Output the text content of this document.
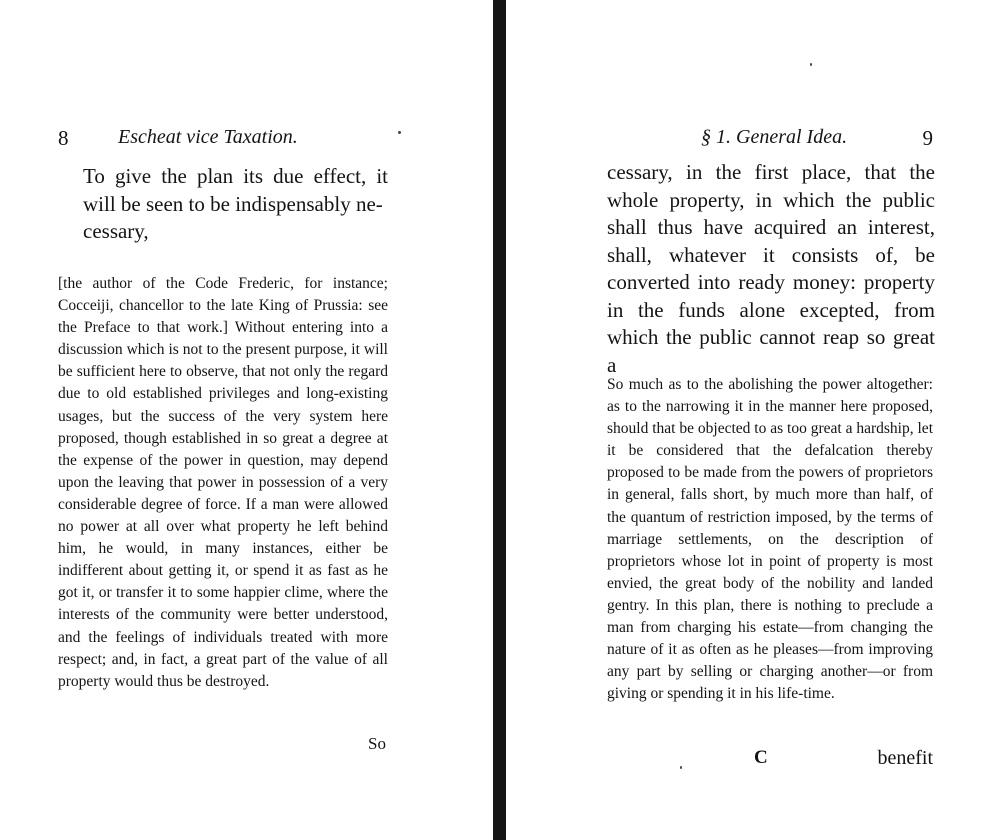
8 Escheat vice Taxation.
To give the plan its due effect, it will be seen to be indispensably ne-
cessary,
[the author of the Code Frederic, for instance; Cocceiji, chancellor to the late King of Prussia: see the Preface to that work.] Without entering into a discussion which is not to the present purpose, it will be sufficient here to observe, that not only the regard due to old established privileges and long-existing usages, but the success of the very system here proposed, though established in so great a degree at the expense of the power in question, may depend upon the leaving that power in possession of a very considerable degree of force. If a man were allowed no power at all over what property he left behind him, he would, in many instances, either be indifferent about getting it, or spend it as fast as he got it, or transfer it to some happier clime, where the interests of the community were better understood, and the feelings of individuals treated with more respect; and, in fact, a great part of the value of all property would thus be destroyed.
So
§ 1. General Idea.	9
cessary, in the first place, that the whole property, in which the public shall thus have acquired an interest, shall, whatever it consists of, be converted into ready money: property in the funds alone excepted, from which the public cannot reap so great a
So much as to the abolishing the power altogether: as to the narrowing it in the manner here proposed, should that be objected to as too great a hardship, let it be considered that the defalcation thereby proposed to be made from the powers of proprietors in general, falls short, by much more than half, of the quantum of restriction imposed, by the terms of marriage settlements, on the description of proprietors whose lot in point of property is most envied, the great body of the nobility and landed gentry. In this plan, there is nothing to preclude a man from charging his estate—from changing the nature of it as often as he pleases—from improving any part by selling or charging another—or from giving or spending it in his life-time.
C	benefit
